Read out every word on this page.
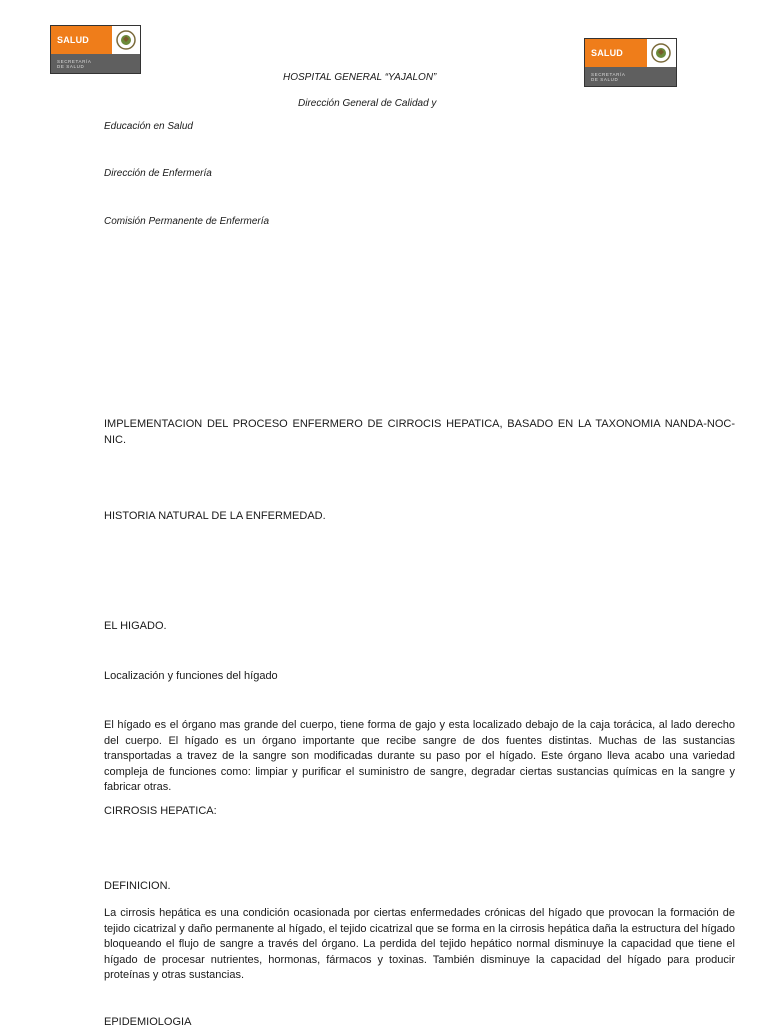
SALUD
SECRETARÍA
DE SALUD
SALUD
SECRETARÍA
DE SALUD
HOSPITAL GENERAL “YAJALON”
Dirección General de Calidad y
Educación en Salud
Dirección de Enfermería
Comisión Permanente de Enfermería
IMPLEMENTACION DEL PROCESO ENFERMERO DE CIRROCIS HEPATICA, BASADO EN LA TAXONOMIA NANDA-NOC-NIC.
HISTORIA NATURAL DE LA ENFERMEDAD.
EL HIGADO.
Localización y funciones del hígado
El hígado es el órgano mas grande del cuerpo, tiene forma de gajo y esta localizado debajo de la caja torácica, al lado derecho del cuerpo. El hígado es un órgano importante que recibe sangre de dos fuentes distintas. Muchas de las sustancias transportadas a travez de la sangre son modificadas durante su paso por el hígado. Este órgano lleva acabo una variedad compleja de funciones como: limpiar y purificar el suministro de sangre, degradar ciertas sustancias químicas en la sangre y fabricar otras.
CIRROSIS HEPATICA:
DEFINICION.
La cirrosis hepática es una condición ocasionada por ciertas enfermedades crónicas del hígado que provocan la formación de tejido cicatrizal y daño permanente al hígado, el tejido cicatrizal que se forma en la cirrosis hepática daña la estructura del hígado bloqueando el flujo de sangre a través del órgano. La perdida del tejido hepático normal disminuye la capacidad que tiene el hígado de procesar nutrientes, hormonas, fármacos y toxinas. También disminuye la capacidad del hígado para producir proteínas y otras sustancias.
EPIDEMIOLOGIA
